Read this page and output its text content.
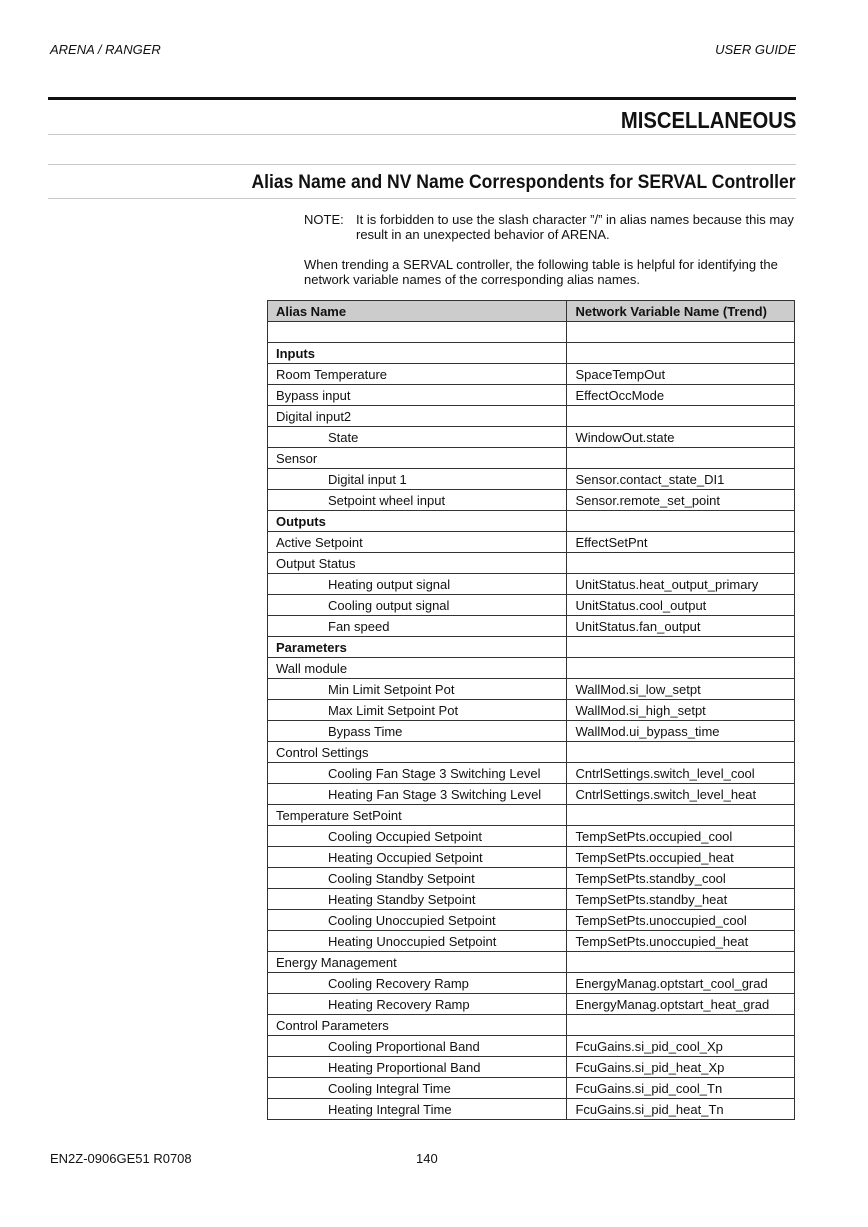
ARENA / RANGER	USER GUIDE
MISCELLANEOUS
Alias Name and NV Name Correspondents for SERVAL Controller
NOTE: It is forbidden to use the slash character ”/” in alias names because this may result in an unexpected behavior of ARENA.
When trending a SERVAL controller, the following table is helpful for identifying the network variable names of the corresponding alias names.
Alias Name	Network Variable Name (Trend)

Inputs	
Room Temperature	SpaceTempOut
Bypass input	EffectOccMode
Digital input2	
State	WindowOut.state
Sensor	
Digital input 1	Sensor.contact_state_DI1
Setpoint wheel input	Sensor.remote_set_point
Outputs	
Active Setpoint	EffectSetPnt
Output Status	
Heating output signal	UnitStatus.heat_output_primary
Cooling output signal	UnitStatus.cool_output
Fan speed	UnitStatus.fan_output
Parameters	
Wall module	
Min Limit Setpoint Pot	WallMod.si_low_setpt
Max Limit Setpoint Pot	WallMod.si_high_setpt
Bypass Time	WallMod.ui_bypass_time
Control Settings	
Cooling Fan Stage 3 Switching Level	CntrlSettings.switch_level_cool
Heating Fan Stage 3 Switching Level	CntrlSettings.switch_level_heat
Temperature SetPoint	
Cooling Occupied Setpoint	TempSetPts.occupied_cool
Heating Occupied Setpoint	TempSetPts.occupied_heat
Cooling Standby Setpoint	TempSetPts.standby_cool
Heating Standby Setpoint	TempSetPts.standby_heat
Cooling Unoccupied Setpoint	TempSetPts.unoccupied_cool
Heating Unoccupied Setpoint	TempSetPts.unoccupied_heat
Energy Management	
Cooling Recovery Ramp	EnergyManag.optstart_cool_grad
Heating Recovery Ramp	EnergyManag.optstart_heat_grad
Control Parameters	
Cooling Proportional Band	FcuGains.si_pid_cool_Xp
Heating Proportional Band	FcuGains.si_pid_heat_Xp
Cooling Integral Time	FcuGains.si_pid_cool_Tn
Heating Integral Time	FcuGains.si_pid_heat_Tn
EN2Z-0906GE51 R0708	140
